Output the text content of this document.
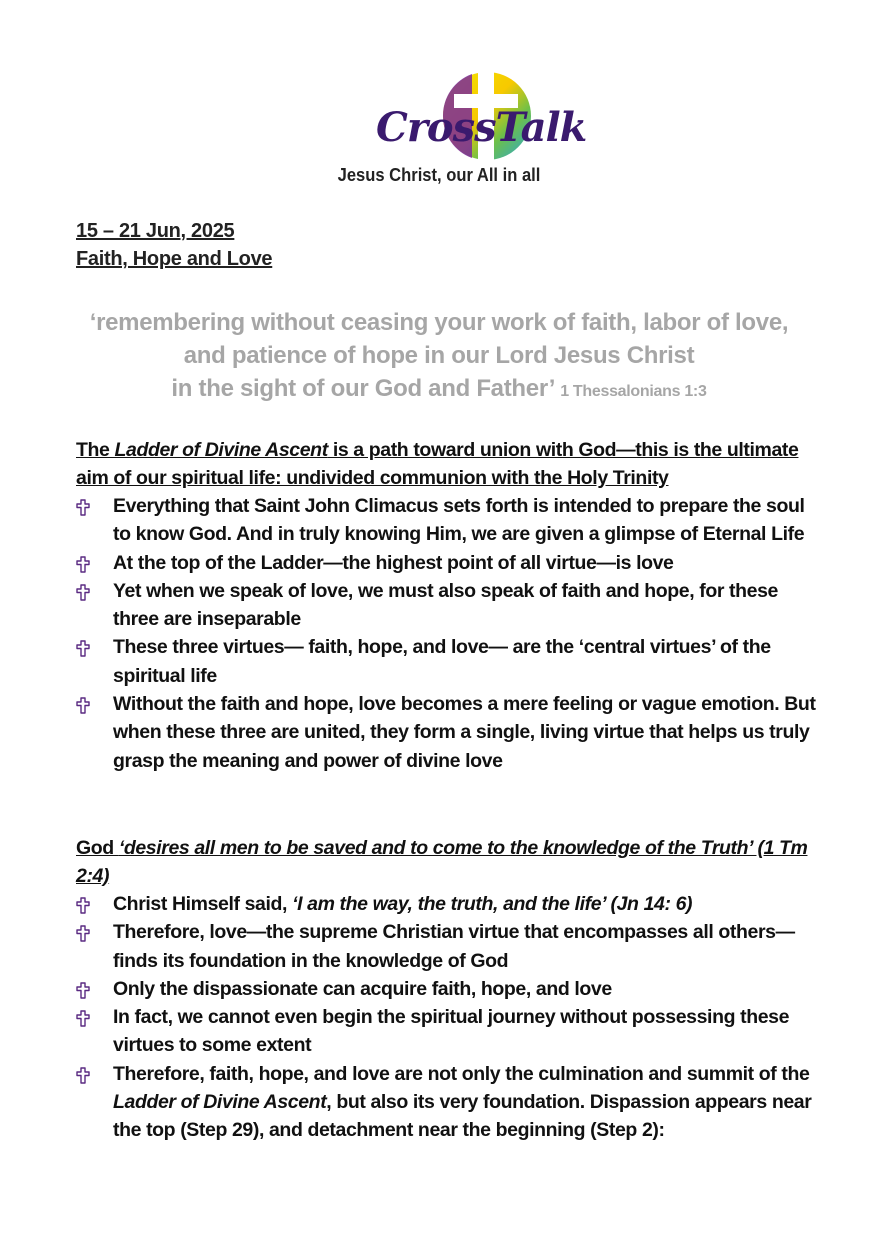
CrossTalk
Jesus Christ, our All in all
15 – 21 Jun, 2025
Faith, Hope and Love
‘remembering without ceasing your work of faith, labor of love,
and patience of hope in our Lord Jesus Christ
in the sight of our God and Father’ 1 Thessalonians 1:3
The Ladder of Divine Ascent is a path toward union with God—this is the ultimate aim of our spiritual life: undivided communion with the Holy Trinity
Everything that Saint John Climacus sets forth is intended to prepare the soul to know God. And in truly knowing Him, we are given a glimpse of Eternal Life
At the top of the Ladder—the highest point of all virtue—is love
Yet when we speak of love, we must also speak of faith and hope, for these three are inseparable
These three virtues— faith, hope, and love— are the ‘central virtues’ of the spiritual life
Without the faith and hope, love becomes a mere feeling or vague emotion. But when these three are united, they form a single, living virtue that helps us truly grasp the meaning and power of divine love
God ‘desires all men to be saved and to come to the knowledge of the Truth’ (1 Tm 2:4)
Christ Himself said, ‘I am the way, the truth, and the life’ (Jn 14: 6)
Therefore, love—the supreme Christian virtue that encompasses all others—finds its foundation in the knowledge of God
Only the dispassionate can acquire faith, hope, and love
In fact, we cannot even begin the spiritual journey without possessing these virtues to some extent
Therefore, faith, hope, and love are not only the culmination and summit of the Ladder of Divine Ascent, but also its very foundation. Dispassion appears near the top (Step 29), and detachment near the beginning (Step 2):
